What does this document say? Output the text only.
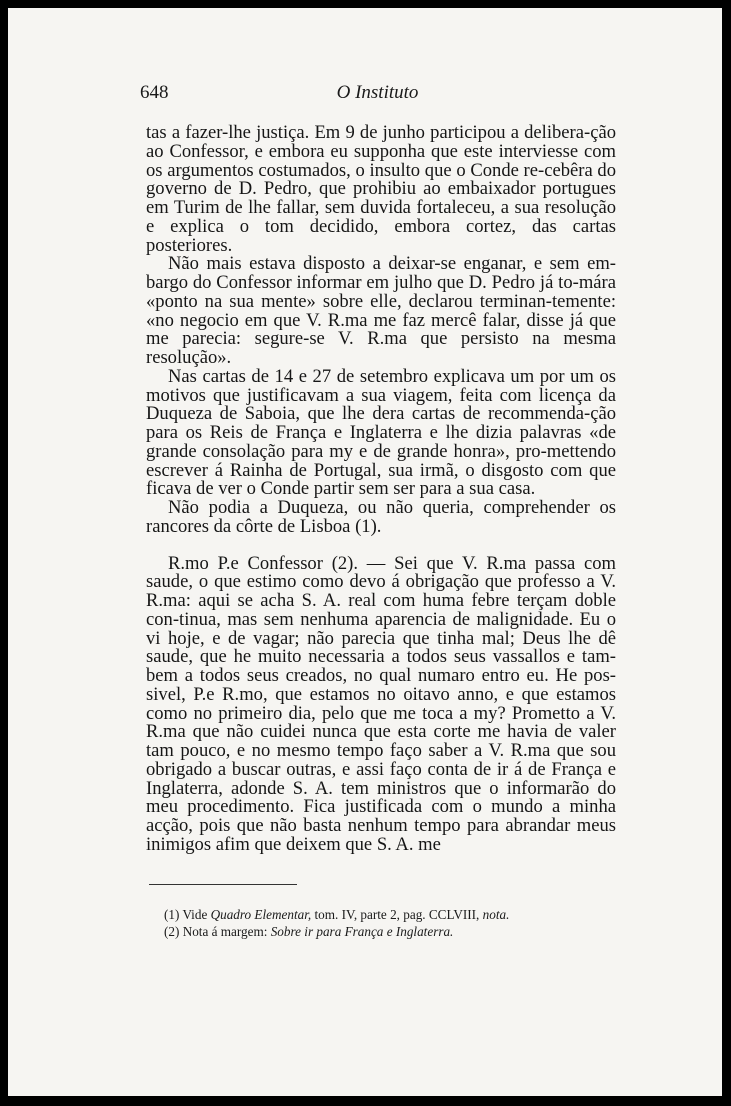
648	O Instituto

tas a fazer-lhe justiça. Em 9 de junho participou a delibera-ção ao Confessor, e embora eu supponha que este interviesse com os argumentos costumados, o insulto que o Conde re-cebêra do governo de D. Pedro, que prohibiu ao embaixador portugues em Turim de lhe fallar, sem duvida fortaleceu, a sua resolução e explica o tom decidido, embora cortez, das cartas posteriores.

Não mais estava disposto a deixar-se enganar, e sem em-bargo do Confessor informar em julho que D. Pedro já to-mára «ponto na sua mente» sobre elle, declarou terminan-temente: «no negocio em que V. R.ma me faz mercê falar, disse já que me parecia: segure-se V. R.ma que persisto na mesma resolução».

Nas cartas de 14 e 27 de setembro explicava um por um os motivos que justificavam a sua viagem, feita com licença da Duqueza de Saboia, que lhe dera cartas de recommenda-ção para os Reis de França e Inglaterra e lhe dizia palavras «de grande consolação para my e de grande honra», pro-mettendo escrever á Rainha de Portugal, sua irmã, o disgosto com que ficava de ver o Conde partir sem ser para a sua casa.

Não podia a Duqueza, ou não queria, comprehender os rancores da côrte de Lisboa (1).

R.mo P.e Confessor (2). — Sei que V. R.ma passa com saude, o que estimo como devo á obrigação que professo a V. R.ma: aqui se acha S. A. real com huma febre terçam doble con-tinua, mas sem nenhuma aparencia de malignidade. Eu o vi hoje, e de vagar; não parecia que tinha mal; Deus lhe dê saude, que he muito necessaria a todos seus vassallos e tam-bem a todos seus creados, no qual numaro entro eu. He pos-sivel, P.e R.mo, que estamos no oitavo anno, e que estamos como no primeiro dia, pelo que me toca a my? Prometto a V. R.ma que não cuidei nunca que esta corte me havia de valer tam pouco, e no mesmo tempo faço saber a V. R.ma que sou obrigado a buscar outras, e assi faço conta de ir á de França e Inglaterra, adonde S. A. tem ministros que o informarão do meu procedimento. Fica justificada com o mundo a minha acção, pois que não basta nenhum tempo para abrandar meus inimigos afim que deixem que S. A. me

(1) Vide Quadro Elementar, tom. IV, parte 2, pag. CCLVIII, nota.
(2) Nota á margem: Sobre ir para França e Inglaterra.
